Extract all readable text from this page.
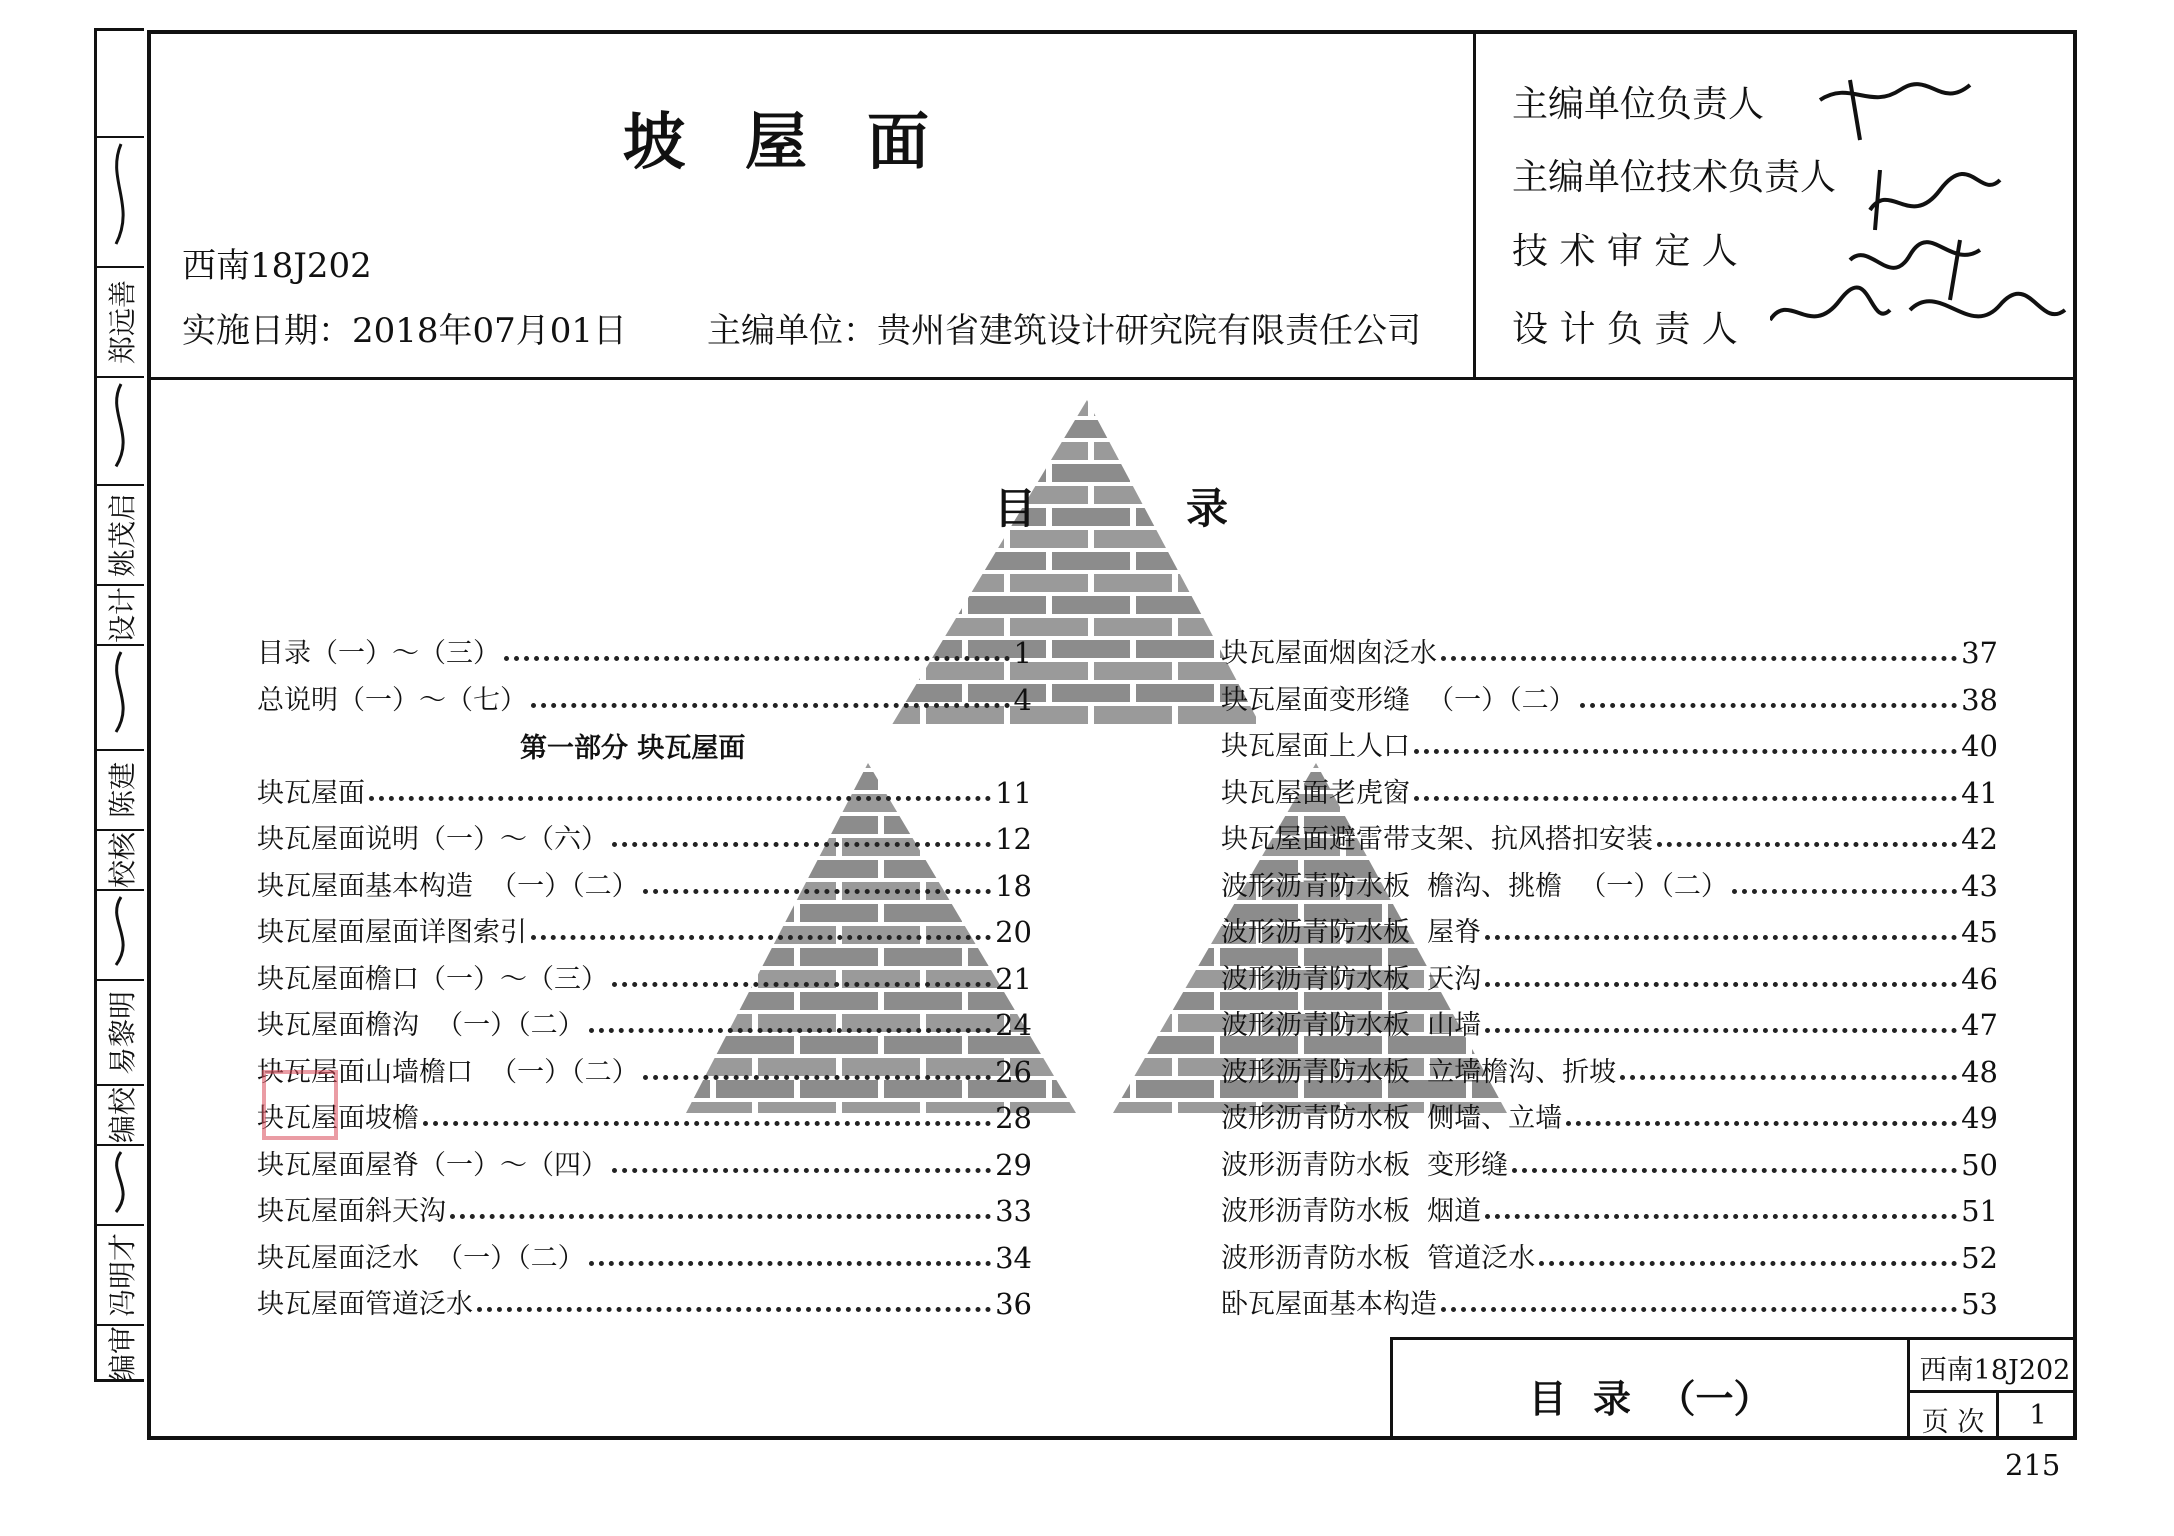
编审
冯明才
编校
易黎明
校核
陈建
设计
姚茂启
郑远善
坡屋面
西南18J202
实施日期：2018年07月01日 主编单位：贵州省建筑设计研究院有限责任公司
主编单位负责人
主编单位技术负责人
技 术 审 定 人
设 计 负 责 人
目	录
第一部分 块瓦屋面
目录（一）～（三）	1
总说明（一）～（七）	4
块瓦屋面	11
块瓦屋面说明（一）～（六）	12
块瓦屋面基本构造  （一）（二）	18
块瓦屋面屋面详图索引	20
块瓦屋面檐口（一）～（三）	21
块瓦屋面檐沟  （一）（二）	24
块瓦屋面山墙檐口  （一）（二）	26
块瓦屋面坡檐	28
块瓦屋面屋脊（一）～（四）	29
块瓦屋面斜天沟	33
块瓦屋面泛水  （一）（二）	34
块瓦屋面管道泛水	36
块瓦屋面烟囱泛水	37
块瓦屋面变形缝  （一）（二）	38
块瓦屋面上人口	40
块瓦屋面老虎窗	41
块瓦屋面避雷带支架、抗风搭扣安装	42
波形沥青防水板  檐沟、挑檐  （一）（二）	43
波形沥青防水板  屋脊	45
波形沥青防水板  天沟	46
波形沥青防水板  山墙	47
波形沥青防水板  立墙檐沟、折坡	48
波形沥青防水板  侧墙、立墙	49
波形沥青防水板  变形缝	50
波形沥青防水板  烟道	51
波形沥青防水板  管道泛水	52
卧瓦屋面基本构造	53
目  录  （一）
西南18J202
页 次	1
215
